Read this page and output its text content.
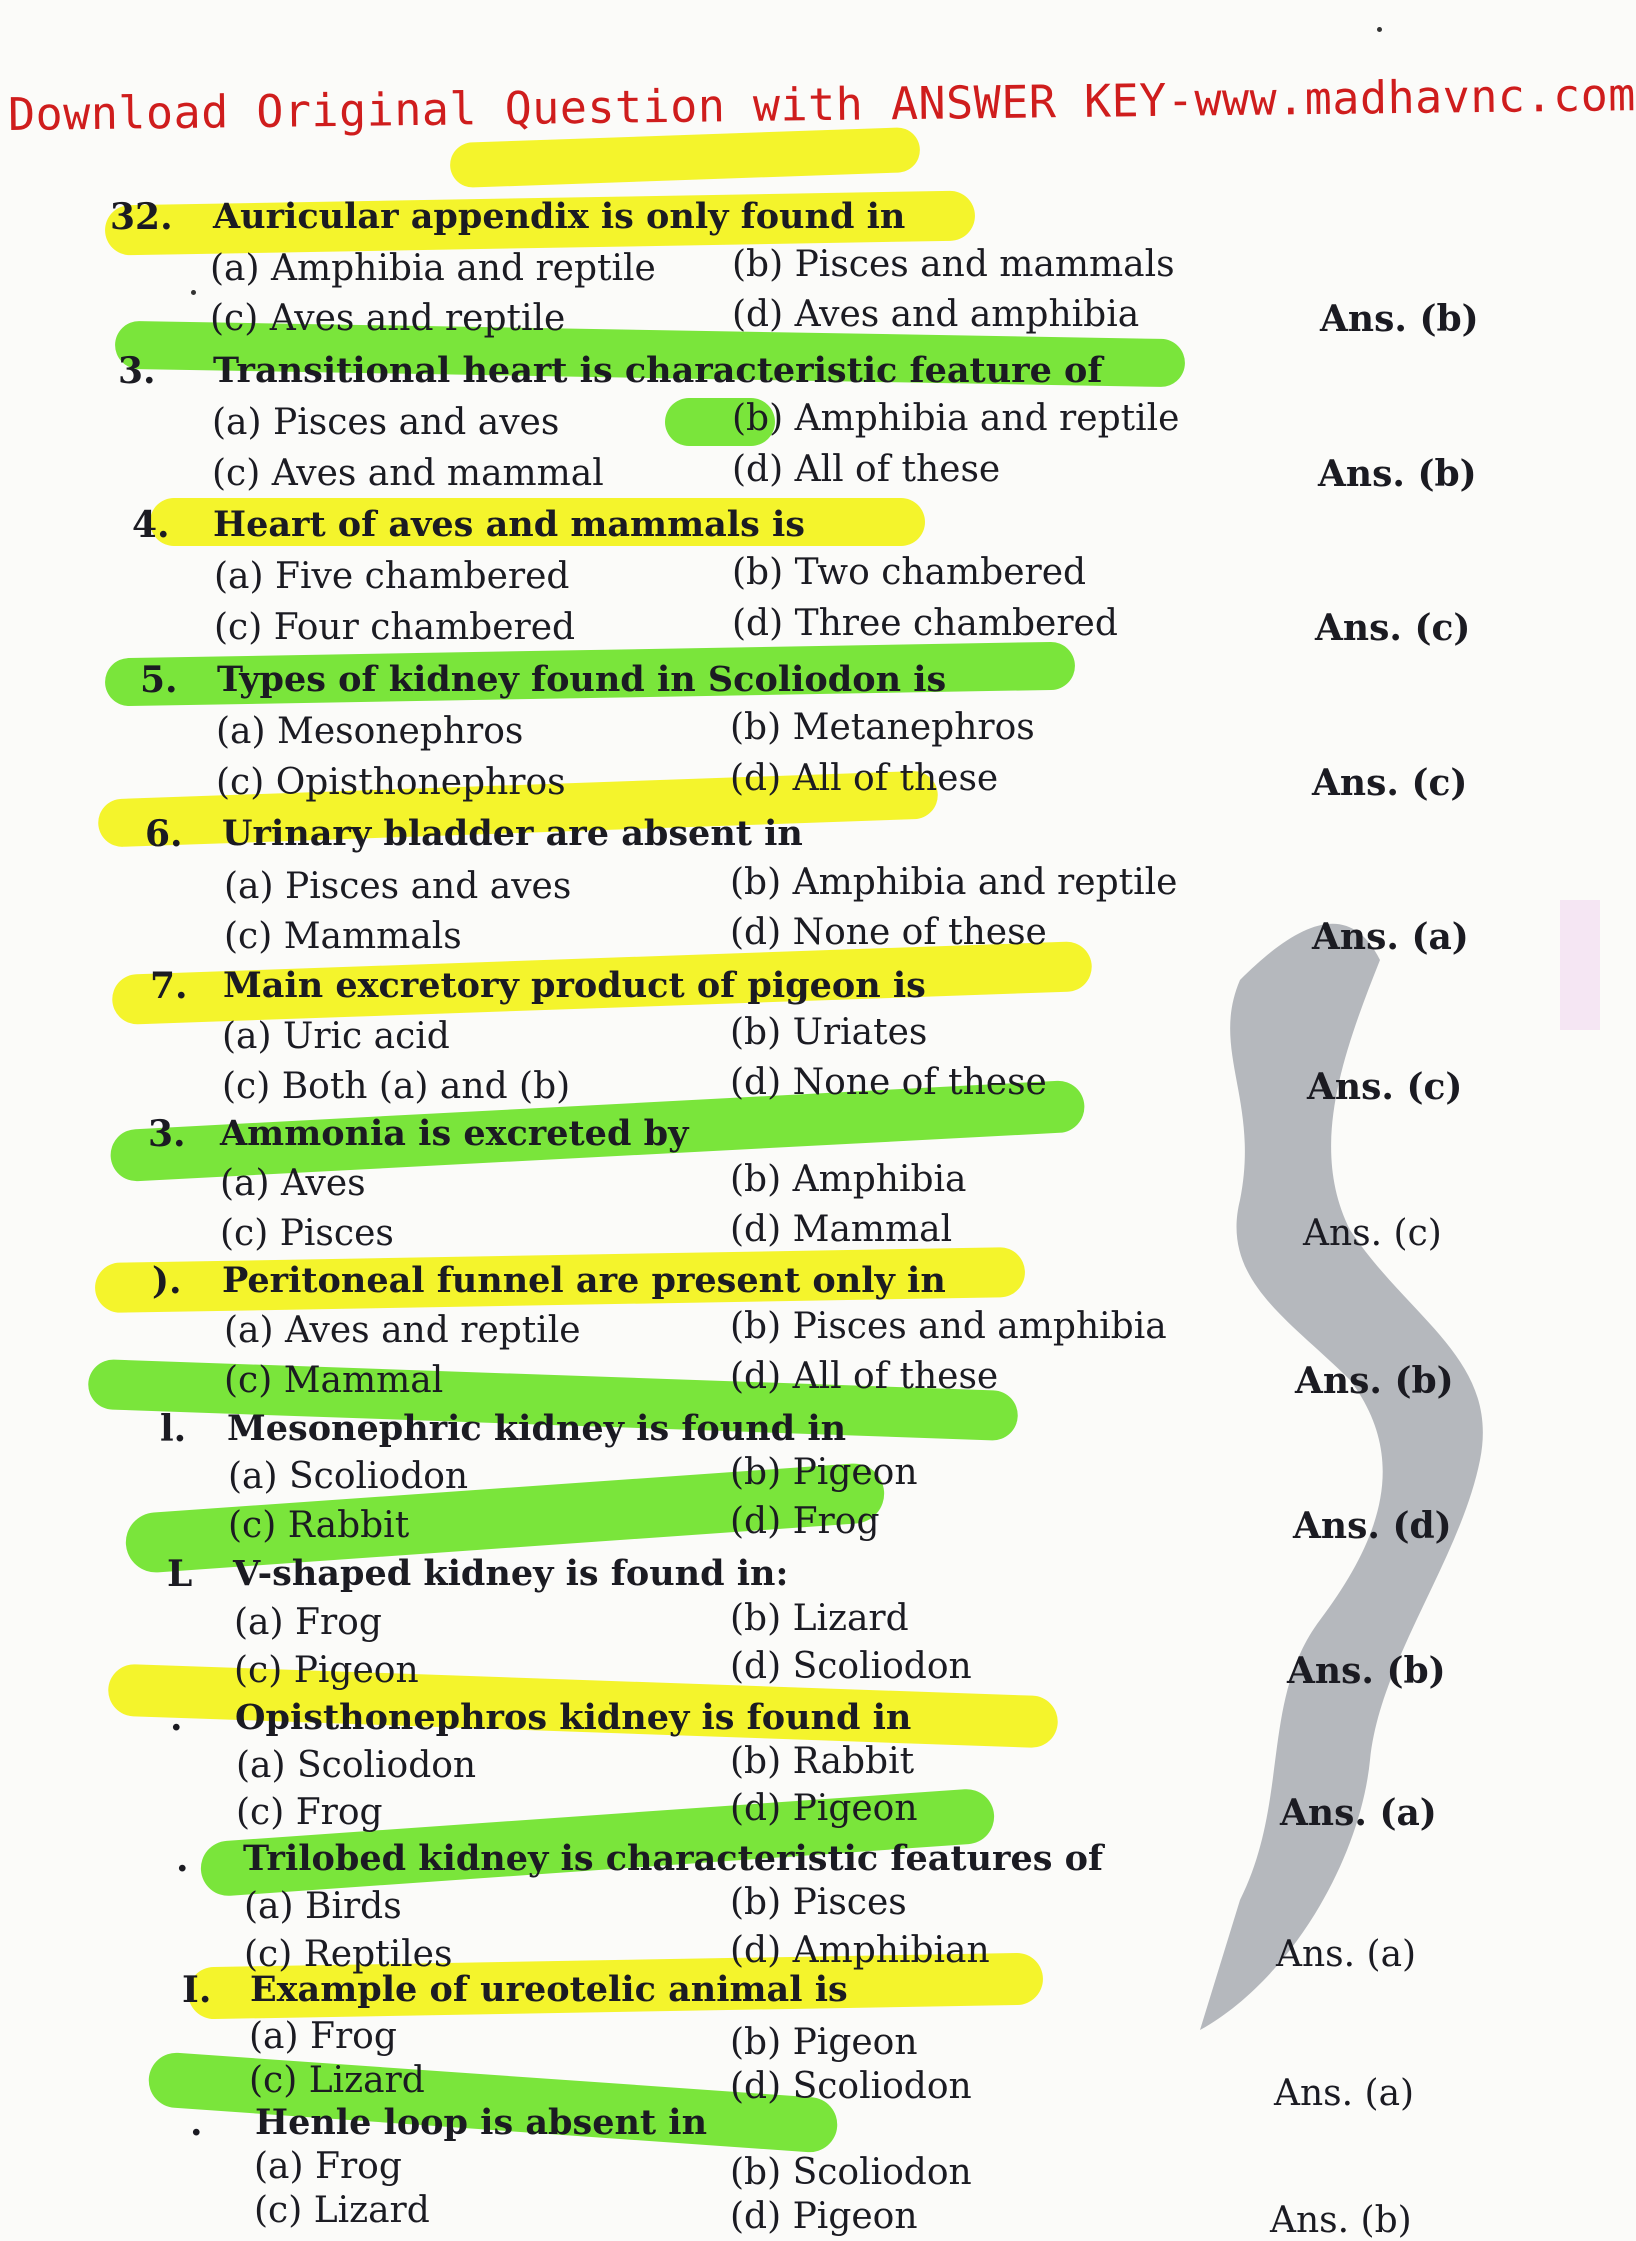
Download Original Question with ANSWER KEY-www.madhavnc.com
32. Auricular appendix is only found in
(a) Amphibia and reptile (b) Pisces and mammals
(c) Aves and reptile	(d) Aves and amphibia	Ans. (b)
3. Transitional heart is characteristic feature of
(a) Pisces and aves	(b) Amphibia and reptile
(c) Aves and mammal	(d) All of these	Ans. (b)
4. Heart of aves and mammals is
(a) Five chambered	(b) Two chambered
(c) Four chambered	(d) Three chambered	Ans. (c)
5. Types of kidney found in Scoliodon is
(a) Mesonephros	(b) Metanephros
(c) Opisthonephros	(d) All of these	Ans. (c)
6. Urinary bladder are absent in
(a) Pisces and aves	(b) Amphibia and reptile
(c) Mammals	(d) None of these	Ans. (a)
7. Main excretory product of pigeon is
(a) Uric acid	(b) Uriates
(c) Both (a) and (b)	(d) None of these	Ans. (c)
3. Ammonia is excreted by
(a) Aves	(b) Amphibia
(c) Pisces	(d) Mammal	Ans. (c)
). Peritoneal funnel are present only in
(a) Aves and reptile	(b) Pisces and amphibia
(c) Mammal	(d) All of these	Ans. (b)
l. Mesonephric kidney is found in
(a) Scoliodon	(b) Pigeon
(c) Rabbit	(d) Frog	Ans. (d)
L V-shaped kidney is found in:
(a) Frog	(b) Lizard
(c) Pigeon	(d) Scoliodon	Ans. (b)
. Opisthonephros kidney is found in
(a) Scoliodon	(b) Rabbit
(c) Frog	(d) Pigeon	Ans. (a)
. Trilobed kidney is characteristic features of
(a) Birds	(b) Pisces
(c) Reptiles	(d) Amphibian	Ans. (a)
I. Example of ureotelic animal is
(a) Frog	(b) Pigeon
(c) Lizard	(d) Scoliodon	Ans. (a)
. Henle loop is absent in
(a) Frog	(b) Scoliodon
(c) Lizard	(d) Pigeon	Ans. (b)
